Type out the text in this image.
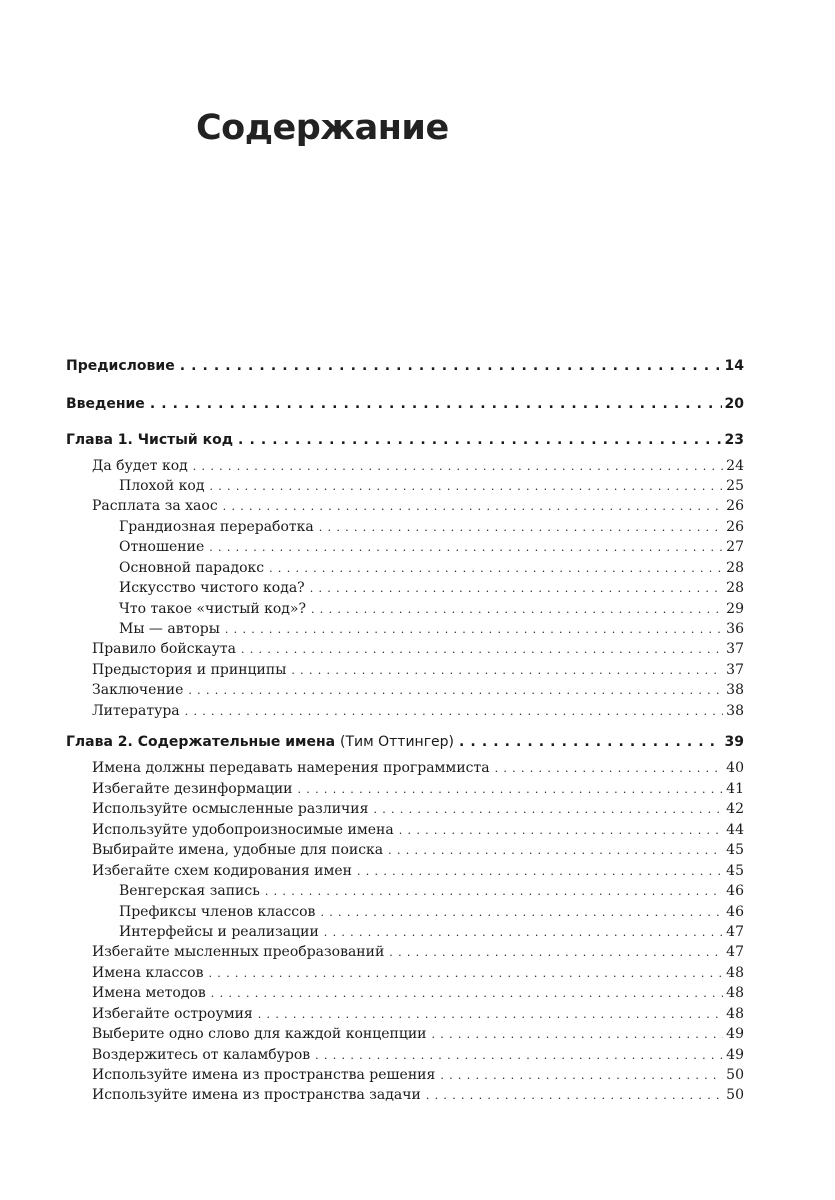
Содержание
Предисловие . . .	14
Введение . . .	20
Глава 1. Чистый код . . .	23
Да будет код . . .	24
Плохой код . . .	25
Расплата за хаос . . .	26
Грандиозная переработка . . .	26
Отношение . . .	27
Основной парадокс . . .	28
Искусство чистого кода? . . .	28
Что такое «чистый код»? . . .	29
Мы — авторы . . .	36
Правило бойскаута . . .	37
Предыстория и принципы . . .	37
Заключение . . .	38
Литература . . .	38
Глава 2. Содержательные имена (Тим Оттингер) . . .	39
Имена должны передавать намерения программиста . . .	40
Избегайте дезинформации . . .	41
Используйте осмысленные различия . . .	42
Используйте удобопроизносимые имена . . .	44
Выбирайте имена, удобные для поиска . . .	45
Избегайте схем кодирования имен . . .	45
Венгерская запись . . .	46
Префиксы членов классов . . .	46
Интерфейсы и реализации . . .	47
Избегайте мысленных преобразований . . .	47
Имена классов . . .	48
Имена методов . . .	48
Избегайте остроумия . . .	48
Выберите одно слово для каждой концепции . . .	49
Воздержитесь от каламбуров . . .	49
Используйте имена из пространства решения . . .	50
Используйте имена из пространства задачи . . .	50
